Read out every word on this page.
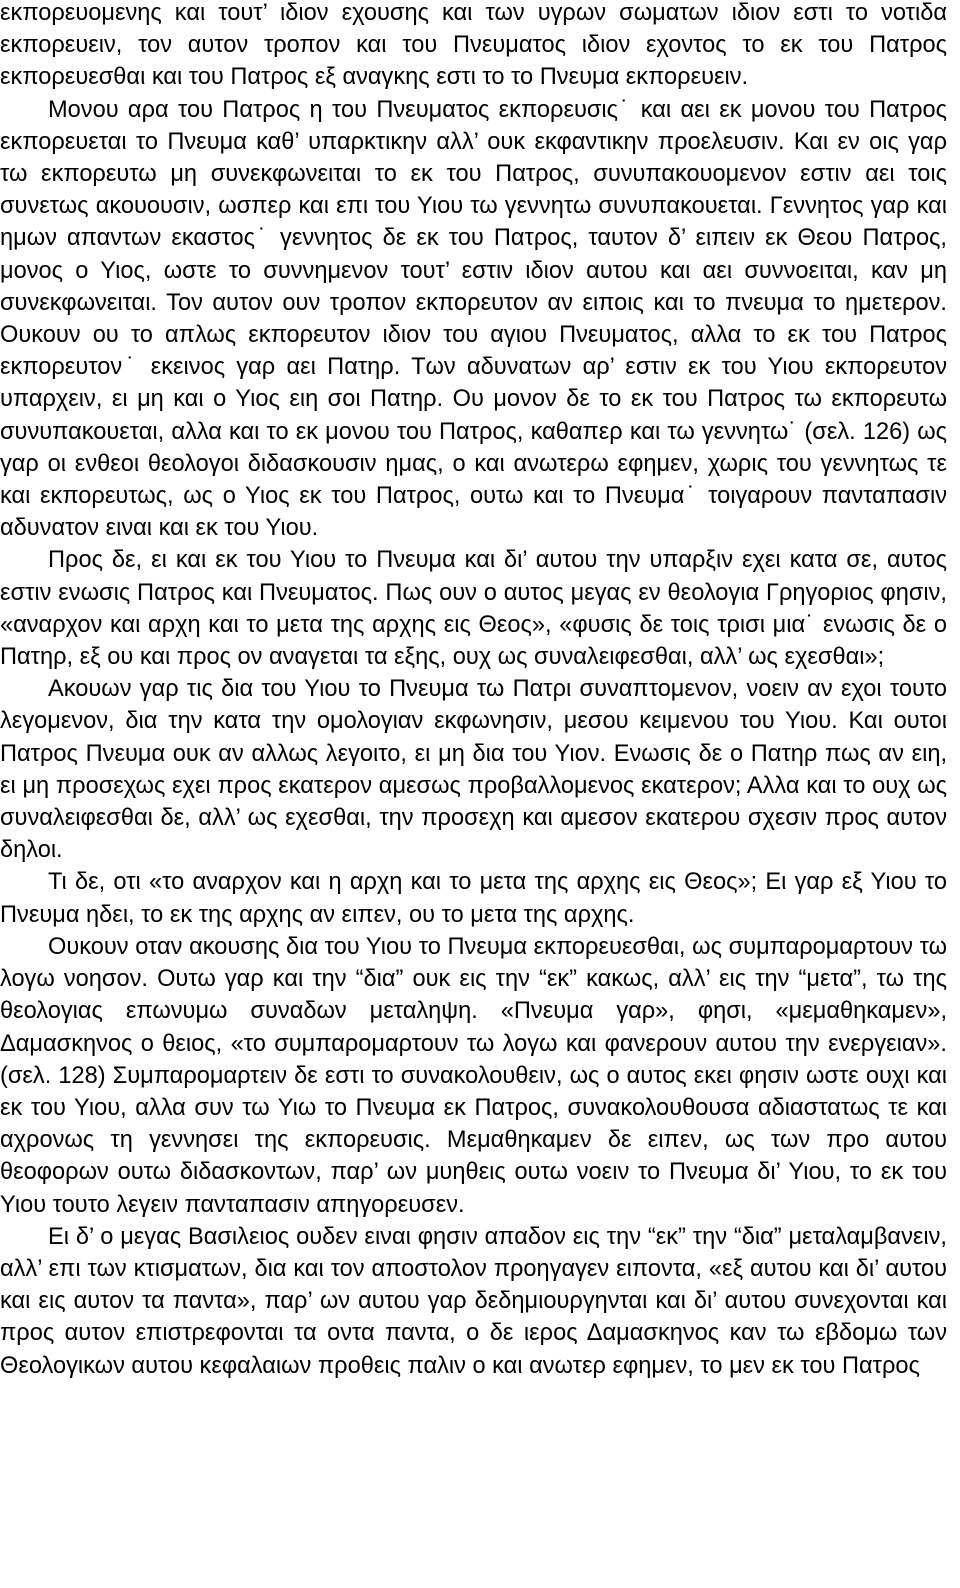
εκπορευομενης και τουτ’ ιδιον εχουσης και των υγρων σωματων ιδιον εστι το νοτιδα εκπορευειν, τον αυτον τροπον και του Πνευματος ιδιον εχοντος το εκ του Πατρος εκπορευεσθαι και του Πατρος εξ αναγκης εστι το το Πνευμα εκπορευειν.

Μονου αρα του Πατρος η του Πνευματος εκπορευσις˙ και αει εκ μονου του Πατρος εκπορευεται το Πνευμα καθ’ υπαρκτικην αλλ’ ουκ εκφαντικην προελευσιν. Και εν οις γαρ τω εκπορευτω μη συνεκφωνειται το εκ του Πατρος, συνυπακουομενον εστιν αει τοις συνετως ακουουσιν, ωσπερ και επι του Υιου τω γεννητω συνυπακουεται. Γεννητος γαρ και ημων απαντων εκαστος˙ γεννητος δε εκ του Πατρος, ταυτον δ’ ειπειν εκ Θεου Πατρος, μονος ο Υιος, ωστε το συννημενον τουτ’ εστιν ιδιον αυτου και αει συννοειται, καν μη συνεκφωνειται. Τον αυτον ουν τροπον εκπορευτον αν ειποις και το πνευμα το ημετερον. Ουκουν ου το απλως εκπορευτον ιδιον του αγιου Πνευματος, αλλα το εκ του Πατρος εκπορευτον˙ εκεινος γαρ αει Πατηρ. Των αδυνατων αρ’ εστιν εκ του Υιου εκπορευτον υπαρχειν, ει μη και ο Υιος ειη σοι Πατηρ. Ου μονον δε το εκ του Πατρος τω εκπορευτω συνυπακουεται, αλλα και το εκ μονου του Πατρος, καθαπερ και τω γεννητω˙ (σελ. 126) ως γαρ οι ενθεοι θεολογοι διδασκουσιν ημας, ο και ανωτερω εφημεν, χωρις του γεννητως τε και εκπορευτως, ως ο Υιος εκ του Πατρος, ουτω και το Πνευμα˙ τοιγαρουν πανταπασιν αδυνατον ειναι και εκ του Υιου.

Προς δε, ει και εκ του Υιου το Πνευμα και δι’ αυτου την υπαρξιν εχει κατα σε, αυτος εστιν ενωσις Πατρος και Πνευματος. Πως ουν ο αυτος μεγας εν θεολογια Γρηγοριος φησιν, «αναρχον και αρχη και το μετα της αρχης εις Θεος», «φυσις δε τοις τρισι μια˙ ενωσις δε ο Πατηρ, εξ ου και προς ον αναγεται τα εξης, ουχ ως συναλειφεσθαι, αλλ’ ως εχεσθαι»;

Ακουων γαρ τις δια του Υιου το Πνευμα τω Πατρι συναπτομενον, νοειν αν εχοι τουτο λεγομενον, δια την κατα την ομολογιαν εκφωνησιν, μεσου κειμενου του Υιου. Και ουτοι Πατρος Πνευμα ουκ αν αλλως λεγοιτο, ει μη δια του Υιον. Ενωσις δε ο Πατηρ πως αν ειη, ει μη προσεχως εχει προς εκατερον αμεσως προβαλλομενος εκατερον; Αλλα και το ουχ ως συναλειφεσθαι δε, αλλ’ ως εχεσθαι, την προσεχη και αμεσον εκατερου σχεσιν προς αυτον δηλοι.

Τι δε, οτι «το αναρχον και η αρχη και το μετα της αρχης εις Θεος»; Ει γαρ εξ Υιου το Πνευμα ηδει, το εκ της αρχης αν ειπεν, ου το μετα της αρχης.

Ουκουν οταν ακουσης δια του Υιου το Πνευμα εκπορευεσθαι, ως συμπαρομαρτουν τω λογω νοησον. Ουτω γαρ και την “δια” ουκ εις την “εκ” κακως, αλλ’ εις την “μετα”, τω της θεολογιας επωνυμω συναδων μεταληψη. «Πνευμα γαρ», φησι, «μεμαθηκαμεν», Δαμασκηνος ο θειος, «το συμπαρομαρτουν τω λογω και φανερουν αυτου την ενεργειαν». (σελ. 128) Συμπαρομαρτειν δε εστι το συνακολουθειν, ως ο αυτος εκει φησιν ωστε ουχι και εκ του Υιου, αλλα συν τω Υιω το Πνευμα εκ Πατρος, συνακολουθουσα αδιαστατως τε και αχρονως τη γεννησει της εκπορευσις. Μεμαθηκαμεν δε ειπεν, ως των προ αυτου θεοφορων ουτω διδασκοντων, παρ’ ων μυηθεις ουτω νοειν το Πνευμα δι’ Υιου, το εκ του Υιου τουτο λεγειν πανταπασιν απηγορευσεν.

Ει δ’ ο μεγας Βασιλειος ουδεν ειναι φησιν απαδον εις την “εκ” την “δια” μεταλαμβανειν, αλλ’ επι των κτισματων, δια και τον αποστολον προηγαγεν ειποντα, «εξ αυτου και δι’ αυτου και εις αυτον τα παντα», παρ’ ων αυτου γαρ δεδημιουργηνται και δι’ αυτου συνεχονται και προς αυτον επιστρεφονται τα οντα παντα, ο δε ιερος Δαμασκηνος καν τω εβδομω των Θεολογικων αυτου κεφαλαιων προθεις παλιν ο και ανωτερ εφημεν, το μεν εκ του Πατρος
